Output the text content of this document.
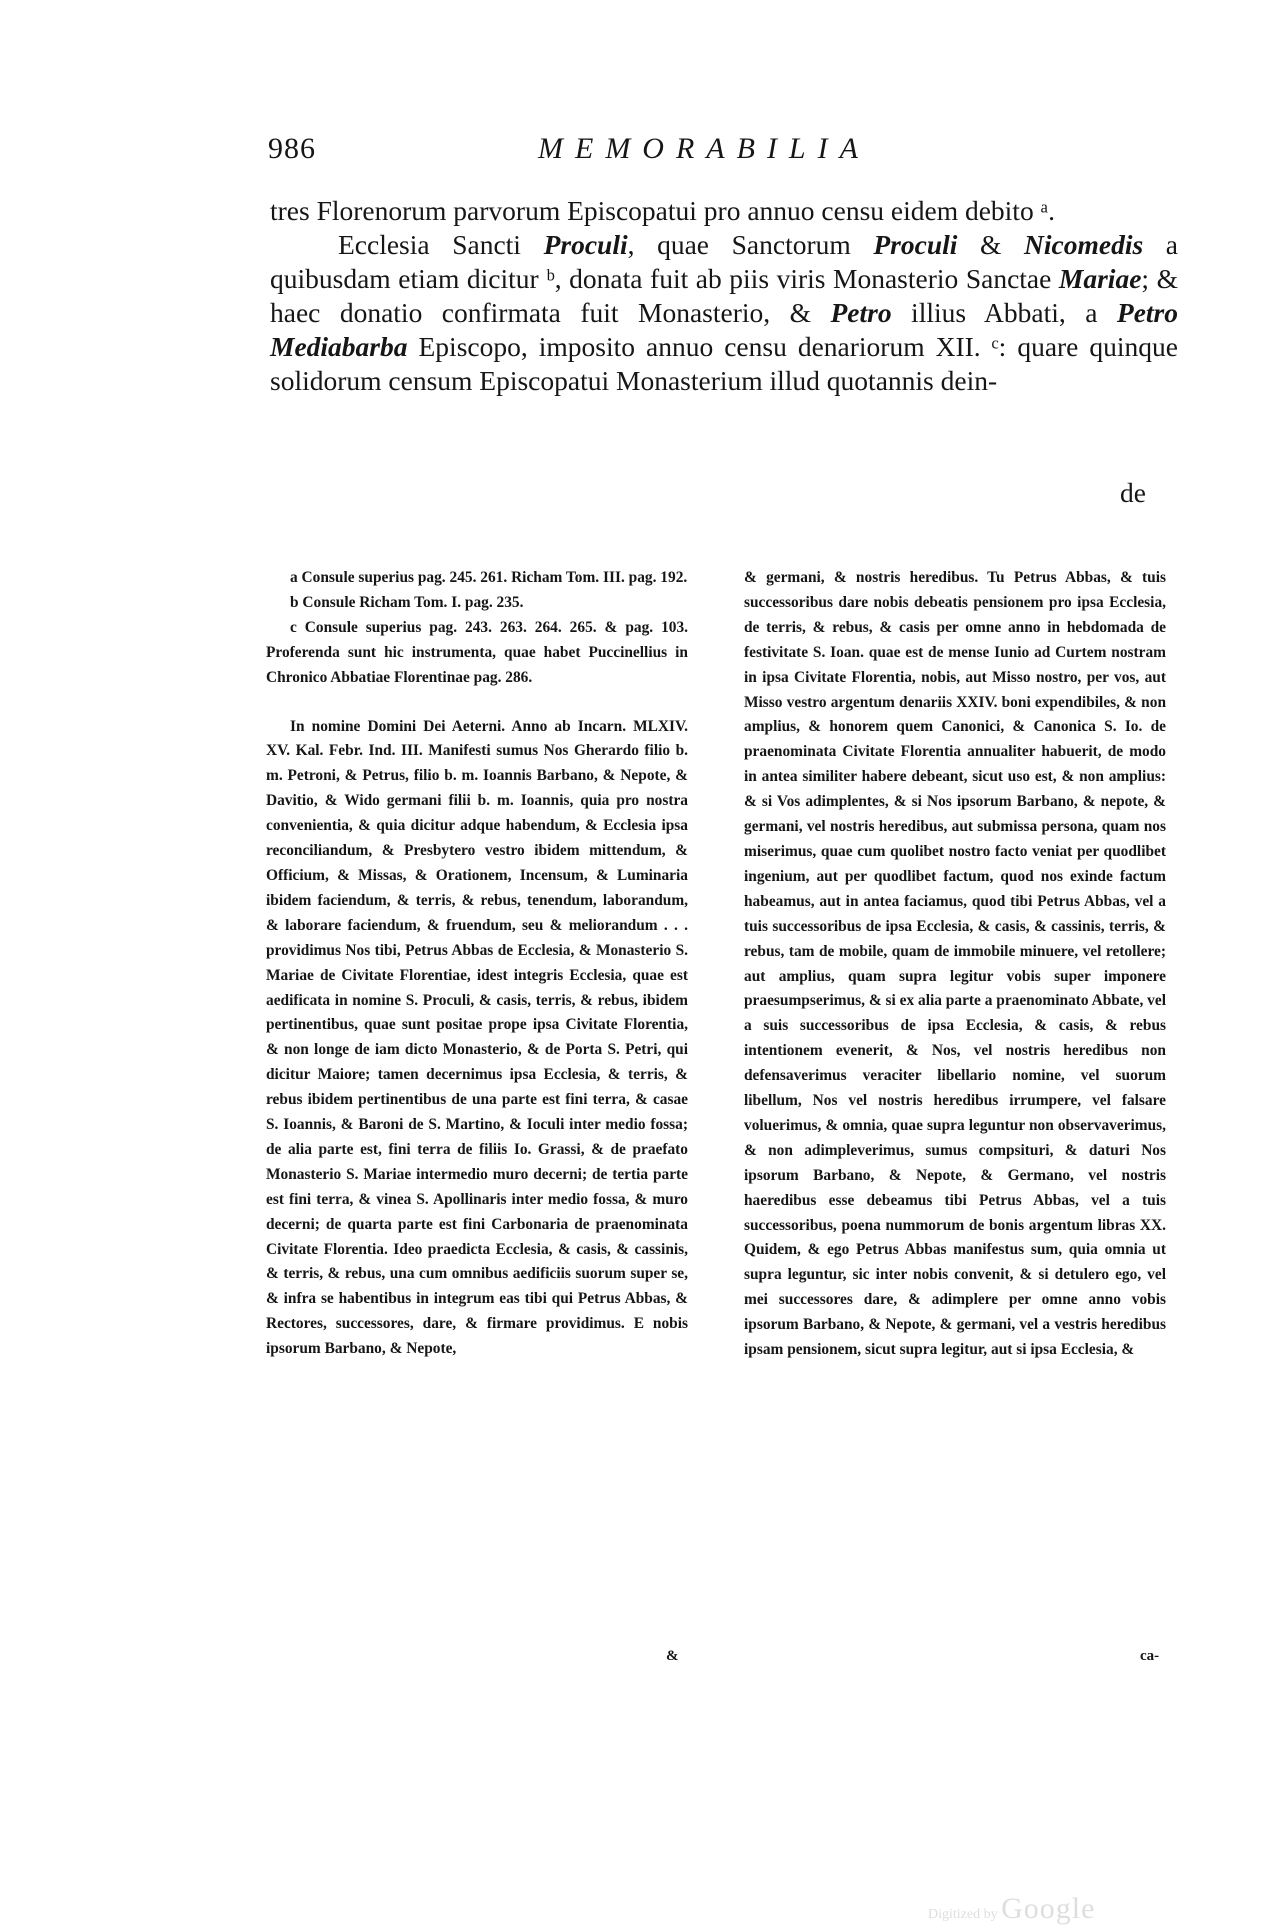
986	MEMORABILIA

tres Florenorum parvorum Episcopatui pro annuo censu eidem debito ᵃ.

Ecclesia Sancti Proculi, quae Sanctorum Proculi & Nicomedis a quibusdam etiam dicitur ᵇ, donata fuit ab piis viris Monasterio Sanctae Mariae; & haec donatio confirmata fuit Monasterio, & Petro illius Abbati, a Petro Mediabarba Episcopo, imposito annuo censu denariorum XII. ᶜ: quare quinque solidorum censum Episcopatui Monasterium illud quotannis dein-

de

a Consule superius pag. 245. 261. Richam Tom. III. pag. 192.

b Consule Richam Tom. I. pag. 235.

c Consule superius pag. 243. 263. 264. 265. & pag. 103. Proferenda sunt hic instrumenta, quae habet Puccinellius in Chronico Abbatiae Florentinae pag. 286.

In nomine Domini Dei Aeterni. Anno ab Incarn. MLXIV. XV. Kal. Febr. Ind. III. Manifesti sumus Nos Gherardo filio b. m. Petroni, & Petrus, filio b. m. Ioannis Barbano, & Nepote, & Davitio, & Wido germani filii b. m. Ioannis, quia pro nostra convenientia, & quia dicitur adque habendum, & Ecclesia ipsa reconciliandum, & Presbytero vestro ibidem mittendum, & Officium, & Missas, & Orationem, Incensum, & Luminaria ibidem faciendum, & terris, & rebus, tenendum, laborandum, & laborare faciendum, & fruendum, seu & meliorandum . . . providimus Nos tibi, Petrus Abbas de Ecclesia, & Monasterio S. Mariae de Civitate Florentiae, idest integris Ecclesia, quae est aedificata in nomine S. Proculi, & casis, terris, & rebus, ibidem pertinentibus, quae sunt positae prope ipsa Civitate Florentia, & non longe de iam dicto Monasterio, & de Porta S. Petri, qui dicitur Maiore; tamen decernimus ipsa Ecclesia, & terris, & rebus ibidem pertinentibus de una parte est fini terra, & casae S. Ioannis, & Baroni de S. Martino, & Ioculi inter medio fossa; de alia parte est, fini terra de filiis Io. Grassi, & de praefato Monasterio S. Mariae intermedio muro decerni; de tertia parte est fini terra, & vinea S. Apollinaris inter medio fossa, & muro decerni; de quarta parte est fini Carbonaria de praenominata Civitate Florentia. Ideo praedicta Ecclesia, & casis, & cassinis, & terris, & rebus, una cum omnibus aedificiis suorum super se, & infra se habentibus in integrum eas tibi qui Petrus Abbas, & Rectores, successores, dare, & firmare providimus. E nobis ipsorum Barbano, & Nepote,

&

& germani, & nostris heredibus. Tu Petrus Abbas, & tuis successoribus dare nobis debeatis pensionem pro ipsa Ecclesia, de terris, & rebus, & casis per omne anno in hebdomada de festivitate S. Ioan. quae est de mense Iunio ad Curtem nostram in ipsa Civitate Florentia, nobis, aut Misso nostro, per vos, aut Misso vestro argentum denariis XXIV. boni expendibiles, & non amplius, & honorem quem Canonici, & Canonica S. Io. de praenominata Civitate Florentia annualiter habuerit, de modo in antea similiter habere debeant, sicut uso est, & non amplius: & si Vos adimplentes, & si Nos ipsorum Barbano, & nepote, & germani, vel nostris heredibus, aut submissa persona, quam nos miserimus, quae cum quolibet nostro facto veniat per quodlibet ingenium, aut per quodlibet factum, quod nos exinde factum habeamus, aut in antea faciamus, quod tibi Petrus Abbas, vel a tuis successoribus de ipsa Ecclesia, & casis, & cassinis, terris, & rebus, tam de mobile, quam de immobile minuere, vel retollere; aut amplius, quam supra legitur vobis super imponere praesumpserimus, & si ex alia parte a praenominato Abbate, vel a suis successoribus de ipsa Ecclesia, & casis, & rebus intentionem evenerit, & Nos, vel nostris heredibus non defensaverimus veraciter libellario nomine, vel suorum libellum, Nos vel nostris heredibus irrumpere, vel falsare voluerimus, & omnia, quae supra leguntur non observaverimus, & non adimpleverimus, sumus compsituri, & daturi Nos ipsorum Barbano, & Nepote, & Germano, vel nostris haeredibus esse debeamus tibi Petrus Abbas, vel a tuis successoribus, poena nummorum de bonis argentum libras XX. Quidem, & ego Petrus Abbas manifestus sum, quia omnia ut supra leguntur, sic inter nobis convenit, & si detulero ego, vel mei successores dare, & adimplere per omne anno vobis ipsorum Barbano, & Nepote, & germani, vel a vestris heredibus ipsam pensionem, sicut supra legitur, aut si ipsa Ecclesia, &

ca-
Digitized by Google
